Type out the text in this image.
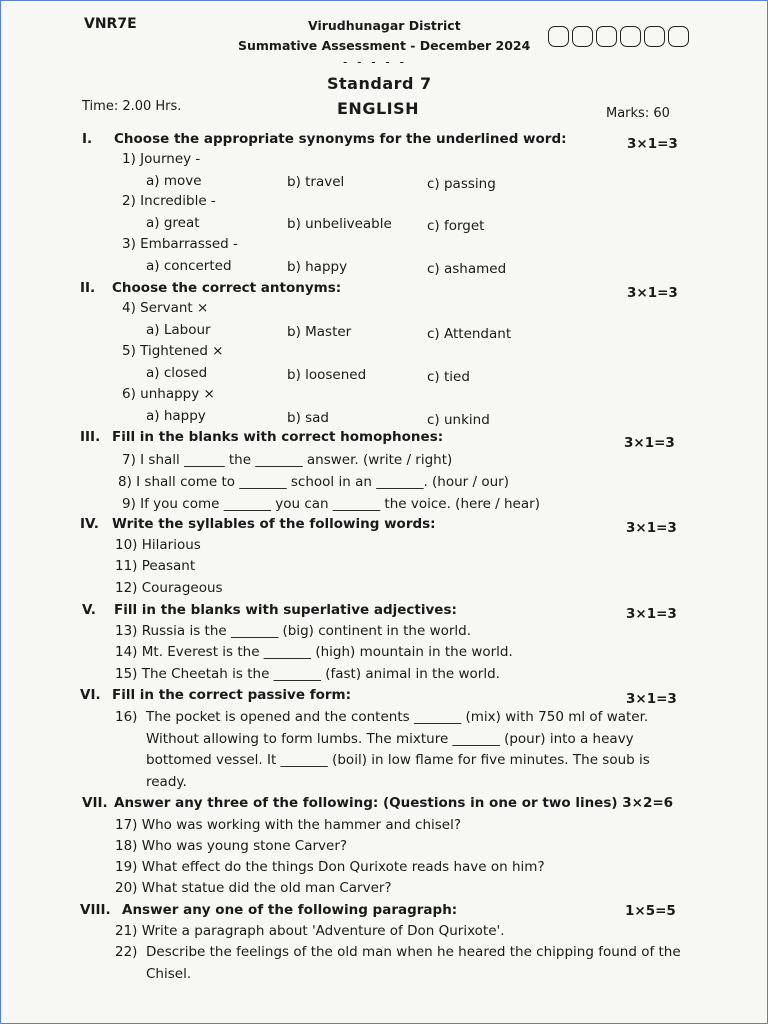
VNR7E	Virudhunagar District
Summative Assessment - December 2024
- - - - -
Standard 7
ENGLISH
Time: 2.00 Hrs.	Marks: 60
I. Choose the appropriate synonyms for the underlined word:	3×1=3
1) Journey -
a) move	b) travel	c) passing
2) Incredible -
a) great	b) unbeliveable	c) forget
3) Embarrassed -
a) concerted	b) happy	c) ashamed
II. Choose the correct antonyms:	3×1=3
4) Servant ×
a) Labour	b) Master	c) Attendant
5) Tightened ×
a) closed	b) loosened	c) tied
6) unhappy ×
a) happy	b) sad	c) unkind
III. Fill in the blanks with correct homophones:	3×1=3
7) I shall ______ the _______ answer. (write / right)
8) I shall come to _______ school in an _______. (hour / our)
9) If you come _______ you can _______ the voice. (here / hear)
IV. Write the syllables of the following words:	3×1=3
10) Hilarious
11) Peasant
12) Courageous
V. Fill in the blanks with superlative adjectives:	3×1=3
13) Russia is the _______ (big) continent in the world.
14) Mt. Everest is the _______ (high) mountain in the world.
15) The Cheetah is the _______ (fast) animal in the world.
VI. Fill in the correct passive form:	3×1=3
16) The pocket is opened and the contents _______ (mix) with 750 ml of water. Without allowing to form lumbs. The mixture _______ (pour) into a heavy bottomed vessel. It _______ (boil) in low flame for five minutes. The soub is ready.
VII. Answer any three of the following: (Questions in one or two lines) 3×2=6
17) Who was working with the hammer and chisel?
18) Who was young stone Carver?
19) What effect do the things Don Qurixote reads have on him?
20) What statue did the old man Carver?
VIII. Answer any one of the following paragraph:	1×5=5
21) Write a paragraph about 'Adventure of Don Qurixote'.
22) Describe the feelings of the old man when he heared the chipping found of the Chisel.
